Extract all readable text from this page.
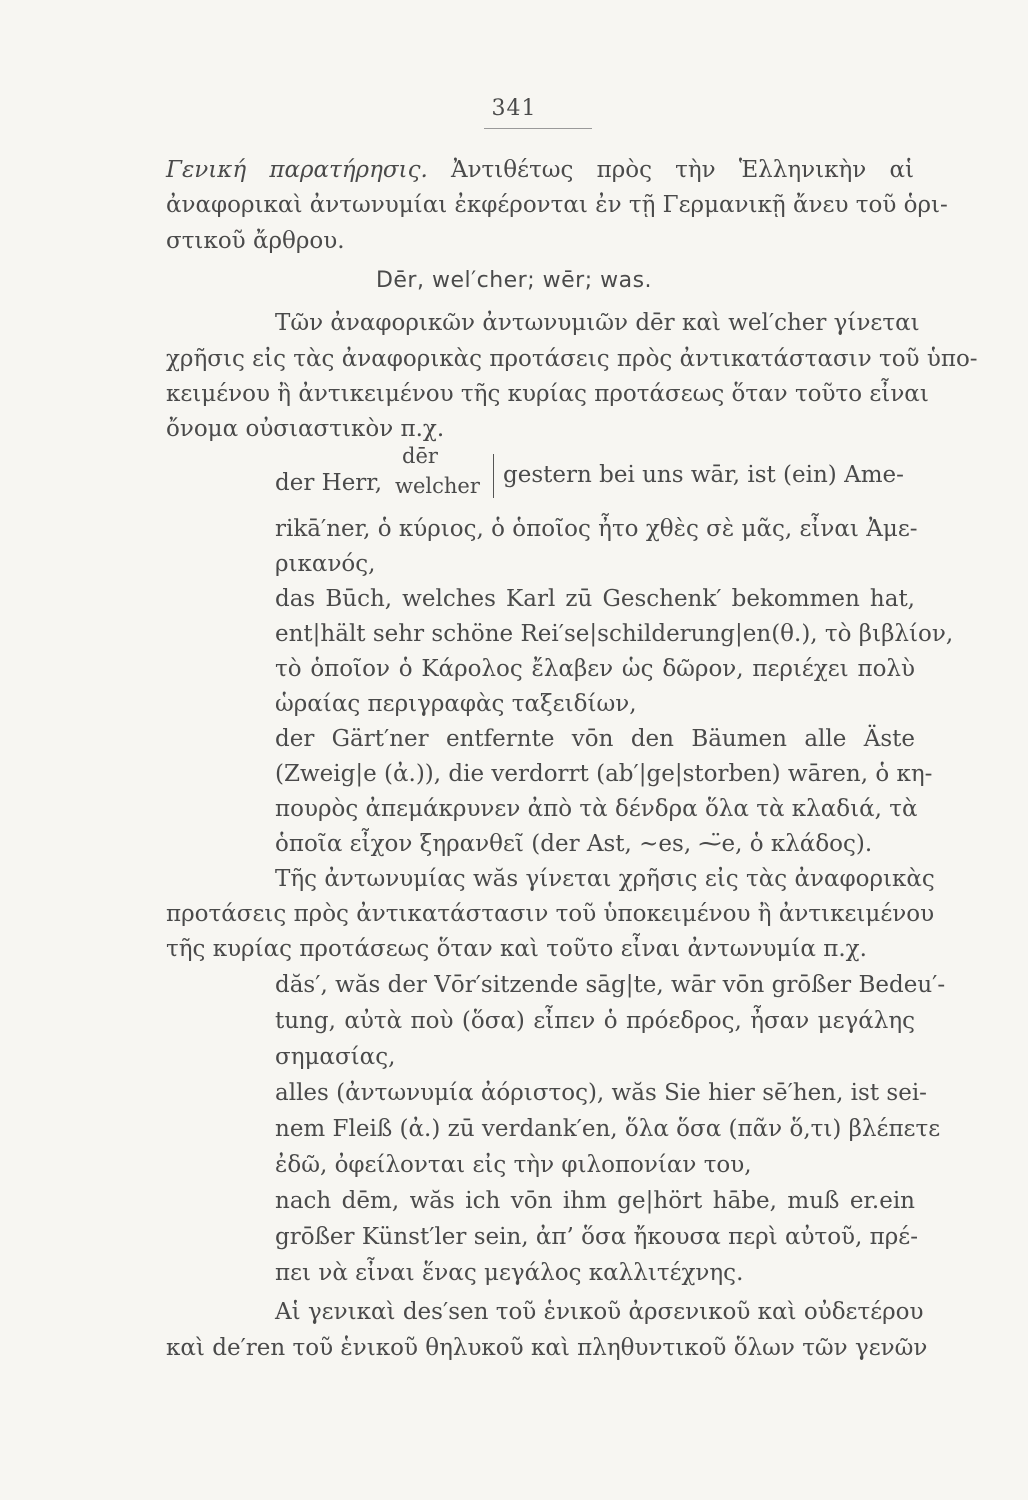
341

Γενική παρατήρησις. Ἀντιθέτως πρὸς τὴν Ἑλληνικὴν αἱ

ἀναφορικαὶ ἀντωνυμίαι ἐκφέρονται ἐν τῇ Γερμανικῇ ἄνευ τοῦ ὁρι-

στικοῦ ἄρθρου.

Dēr, wel′cher; wēr; was.

Τῶν ἀναφορικῶν ἀντωνυμιῶν dēr καὶ wel′cher γίνεται

χρῆσις εἰς τὰς ἀναφορικὰς προτάσεις πρὸς ἀντικατάστασιν τοῦ ὑπο-

κειμένου ἢ ἀντικειμένου τῆς κυρίας προτάσεως ὅταν τοῦτο εἶναι

ὄνομα οὐσιαστικὸν π.χ.

der Herr,
dēr
welcher gestern bei uns wār, ist (ein) Ame-

rikā′ner, ὁ κύριος, ὁ ὁποῖος ἦτο χθὲς σὲ μᾶς, εἶναι Ἀμε-

ρικανός,

das Būch, welches Karl zū Geschenk′ bekommen hat,

ent|hält sehr schöne Rei′se|schilderung|en(θ.), τὸ βιβλίον,

τὸ ὁποῖον ὁ Κάρολος ἔλαβεν ὡς δῶρον, περιέχει πολὺ

ὡραίας περιγραφὰς ταξειδίων,

der Gärt′ner entfernte vōn den Bäumen alle Äste

(Zweig|e (ἀ.)), die verdorrt (ab′|ge|storben) wāren, ὁ κη-

πουρὸς ἀπεμάκρυνεν ἀπὸ τὰ δένδρα ὅλα τὰ κλαδιά, τὰ

ὁποῖα εἶχον ξηρανθεῖ (der Ast, ~es, ⁓̈e, ὁ κλάδος).

Τῆς ἀντωνυμίας wăs γίνεται χρῆσις εἰς τὰς ἀναφορικὰς

προτάσεις πρὸς ἀντικατάστασιν τοῦ ὑποκειμένου ἢ ἀντικειμένου

τῆς κυρίας προτάσεως ὅταν καὶ τοῦτο εἶναι ἀντωνυμία π.χ.

dăs′, wăs der Vōr′sitzende sāg|te, wār vōn grōßer Bedeu′-

tung, αὐτὰ ποὺ (ὅσα) εἶπεν ὁ πρόεδρος, ἦσαν μεγάλης

σημασίας,

alles (ἀντωνυμία ἀόριστος), wăs Sie hier sē′hen, ist sei-

nem Fleiß (ἀ.) zū verdank′en, ὅλα ὅσα (πᾶν ὅ,τι) βλέπετε

ἐδῶ, ὀφείλονται εἰς τὴν φιλοπονίαν του,

nach dēm, wăs ich vōn ihm ge|hört hābe, muß er.ein

grōßer Künst′ler sein, ἀπ’ ὅσα ἤκουσα περὶ αὐτοῦ, πρέ-

πει νὰ εἶναι ἕνας μεγάλος καλλιτέχνης.

Αἱ γενικαὶ des′sen τοῦ ἑνικοῦ ἀρσενικοῦ καὶ οὐδετέρου

καὶ de′ren τοῦ ἑνικοῦ θηλυκοῦ καὶ πληθυντικοῦ ὅλων τῶν γενῶν
